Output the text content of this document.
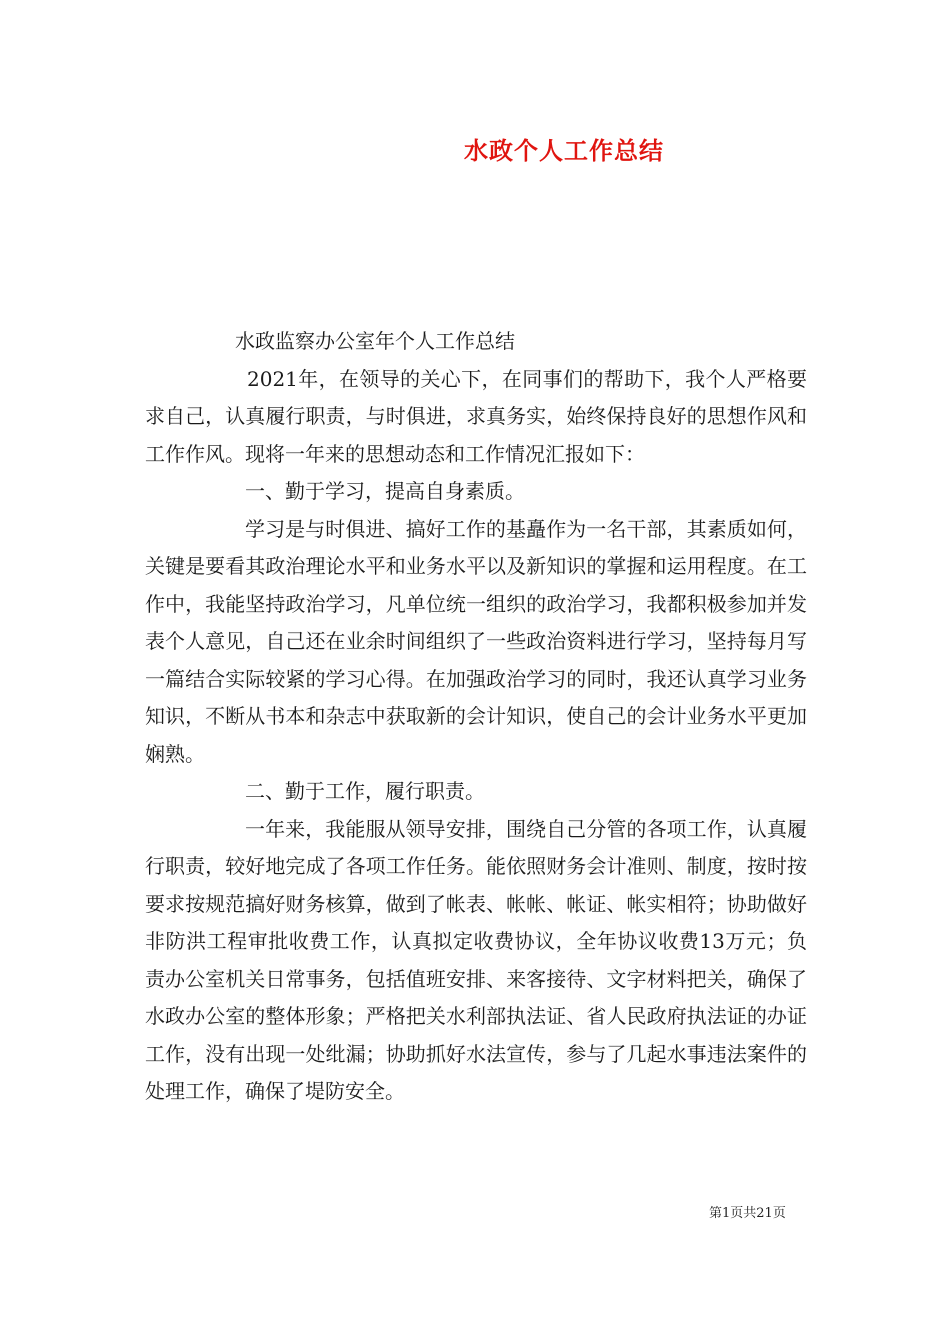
水政个人工作总结

水政监察办公室年个人工作总结

2021年，在领导的关心下，在同事们的帮助下，我个人严格要求自己，认真履行职责，与时俱进，求真务实，始终保持良好的思想作风和工作作风。现将一年来的思想动态和工作情况汇报如下：

一、勤于学习，提高自身素质。

学习是与时俱进、搞好工作的基矗作为一名干部，其素质如何，关键是要看其政治理论水平和业务水平以及新知识的掌握和运用程度。在工作中，我能坚持政治学习，凡单位统一组织的政治学习，我都积极参加并发表个人意见，自己还在业余时间组织了一些政治资料进行学习，坚持每月写一篇结合实际较紧的学习心得。在加强政治学习的同时，我还认真学习业务知识，不断从书本和杂志中获取新的会计知识，使自己的会计业务水平更加娴熟。

二、勤于工作，履行职责。

一年来，我能服从领导安排，围绕自己分管的各项工作，认真履行职责，较好地完成了各项工作任务。能依照财务会计准则、制度，按时按要求按规范搞好财务核算，做到了帐表、帐帐、帐证、帐实相符；协助做好非防洪工程审批收费工作，认真拟定收费协议，全年协议收费13万元；负责办公室机关日常事务，包括值班安排、来客接待、文字材料把关，确保了水政办公室的整体形象；严格把关水利部执法证、省人民政府执法证的办证工作，没有出现一处纰漏；协助抓好水法宣传，参与了几起水事违法案件的处理工作，确保了堤防安全。

第1页共21页
